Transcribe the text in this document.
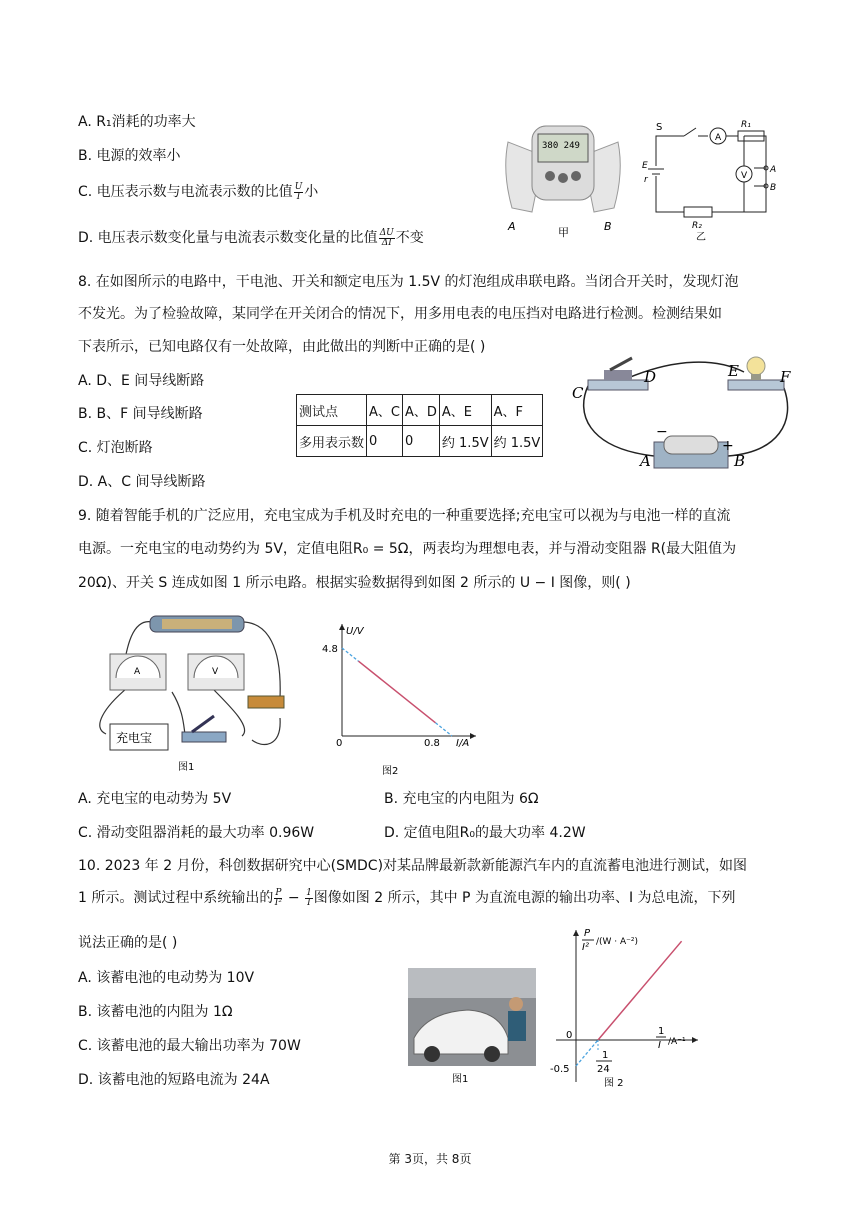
A. R₁消耗的功率大
B. 电源的效率小
C. 电压表示数与电流表示数的比值 $\frac{U}{I}$ 小
D. 电压表示数变化量与电流表示数变化量的比值 $\frac{\Delta U}{\Delta I}$ 不变
380 249
A	甲	B
S
A
R₁
V
A
B
E
r
R₂
乙
8. 在如图所示的电路中，干电池、开关和额定电压为 1.5V 的灯泡组成串联电路。当闭合开关时，发现灯泡
不发光。为了检验故障，某同学在开关闭合的情况下，用多用电表的电压挡对电路进行检测。检测结果如
下表所示，已知电路仅有一处故障，由此做出的判断中正确的是( )
A. D、E 间导线断路
B. B、F 间导线断路
C. 灯泡断路
D. A、C 间导线断路
测试点	A、C	A、D	A、E	A、F
多用表示数	0	0	约 1.5V	约 1.5V
C
D	E	F
A	B
−
+
9. 随着智能手机的广泛应用，充电宝成为手机及时充电的一种重要选择;充电宝可以视为与电池一样的直流
电源。一充电宝的电动势约为 5V，定值电阻R₀ = 5Ω，两表均为理想电表，并与滑动变阻器 R(最大阻值为
20Ω)、开关 S 连成如图 1 所示电路。根据实验数据得到如图 2 所示的 U − I 图像，则( )
A	V
充电宝
图1
U/V
I/A
4.8
0.8
0
图2
A. 充电宝的电动势为 5V	B. 充电宝的内电阻为 6Ω
C. 滑动变阻器消耗的最大功率 0.96W	D. 定值电阻R₀的最大功率 4.2W
10. 2023 年 2 月份，科创数据研究中心(SMDC)对某品牌最新款新能源汽车内的直流蓄电池进行测试，如图
1 所示。测试过程中系统输出的 $\frac{P}{\text{I²}} - \frac{1}{I}$ 图像如图 2 所示，其中 P 为直流电源的输出功率、I 为总电流，下列
说法正确的是( )
A. 该蓄电池的电动势为 10V
B. 该蓄电池的内阻为 1Ω
C. 该蓄电池的最大输出功率为 70W
D. 该蓄电池的短路电流为 24A	图1
P
I² /(W · A⁻²)
1
I /A⁻¹
0
-0.5
1
24
图 2
第 3页，共 8页
